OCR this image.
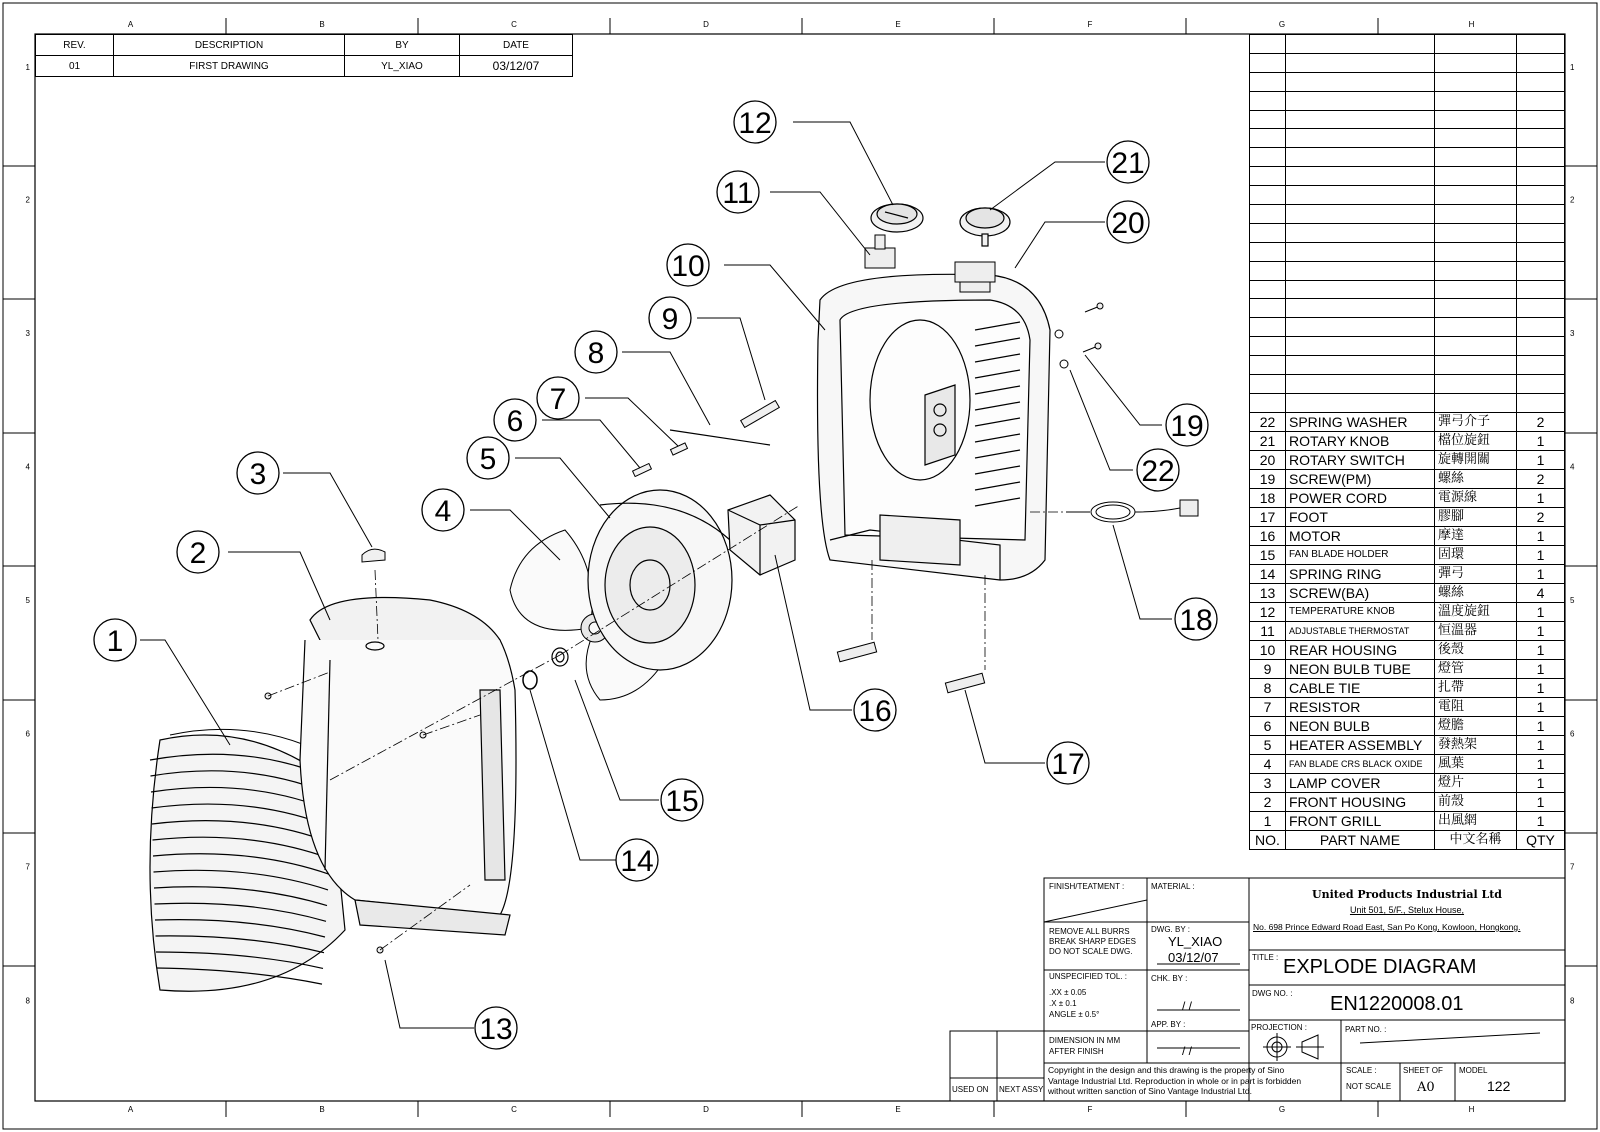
A
A
B
B
C
C
D
D
E
E
F
F
G
G
H
H
1	1
2	2
3	3
4	4
5	5
6	6
7	7
8	8
1
2
3
4
5
6
7
8
9
10
11
12
13
14
15
16
17
18
19
20
21
22
REV.	DESCRIPTION	BY	DATE
01	FIRST DRAWING	YL_XIAO	03/12/07

22	SPRING WASHER	彈弓介子	2
21	ROTARY KNOB	檔位旋鈕	1
20	ROTARY SWITCH	旋轉開關	1
19	SCREW(PM)	螺絲	2
18	POWER CORD	電源線	1
17	FOOT	膠腳	2
16	MOTOR	摩達	1
15	FAN BLADE HOLDER	固環	1
14	SPRING RING	彈弓	1
13	SCREW(BA)	螺絲	4
12	TEMPERATURE KNOB	溫度旋鈕	1
11	ADJUSTABLE THERMOSTAT	恒溫器	1
10	REAR HOUSING	後殼	1
9	NEON BULB TUBE	燈管	1
8	CABLE TIE	扎帶	1
7	RESISTOR	電阻	1
6	NEON BULB	燈膽	1
5	HEATER ASSEMBLY	發熱架	1
4	FAN BLADE CRS BLACK OXIDE	風葉	1
3	LAMP COVER	燈片	1
2	FRONT HOUSING	前殼	1
1	FRONT GRILL	出風網	1
NO.	PART NAME	中文名稱	QTY
FINISH/TEATMENT :	MATERIAL :
REMOVE ALL BURRS
BREAK SHARP EDGES
DO NOT SCALE DWG.
DWG. BY :
YL_XIAO
03/12/07
UNSPECIFIED TOL. :
.XX ± 0.05
.X ± 0.1
ANGLE ± 0.5°
CHK. BY :
/ /
APP. BY :
/ /
DIMENSION IN MM
AFTER FINISH
Copyright in the design and this drawing is the property of Sino
Vantage Industrial Ltd. Reproduction in whole or in part is forbidden
without written sanction of Sino Vantage Industrial Ltd.
USED ON NEXT ASSY
United Products Industrial Ltd
Unit 501, 5/F., Stelux House,
No. 698 Prince Edward Road East, San Po Kong, Kowloon, Hongkong.
TITLE : EXPLODE DIAGRAM
DWG NO. : EN1220008.01
PROJECTION :	PART NO. :
SCALE :
NOT SCALE
SHEET OF
A0
MODEL
122
